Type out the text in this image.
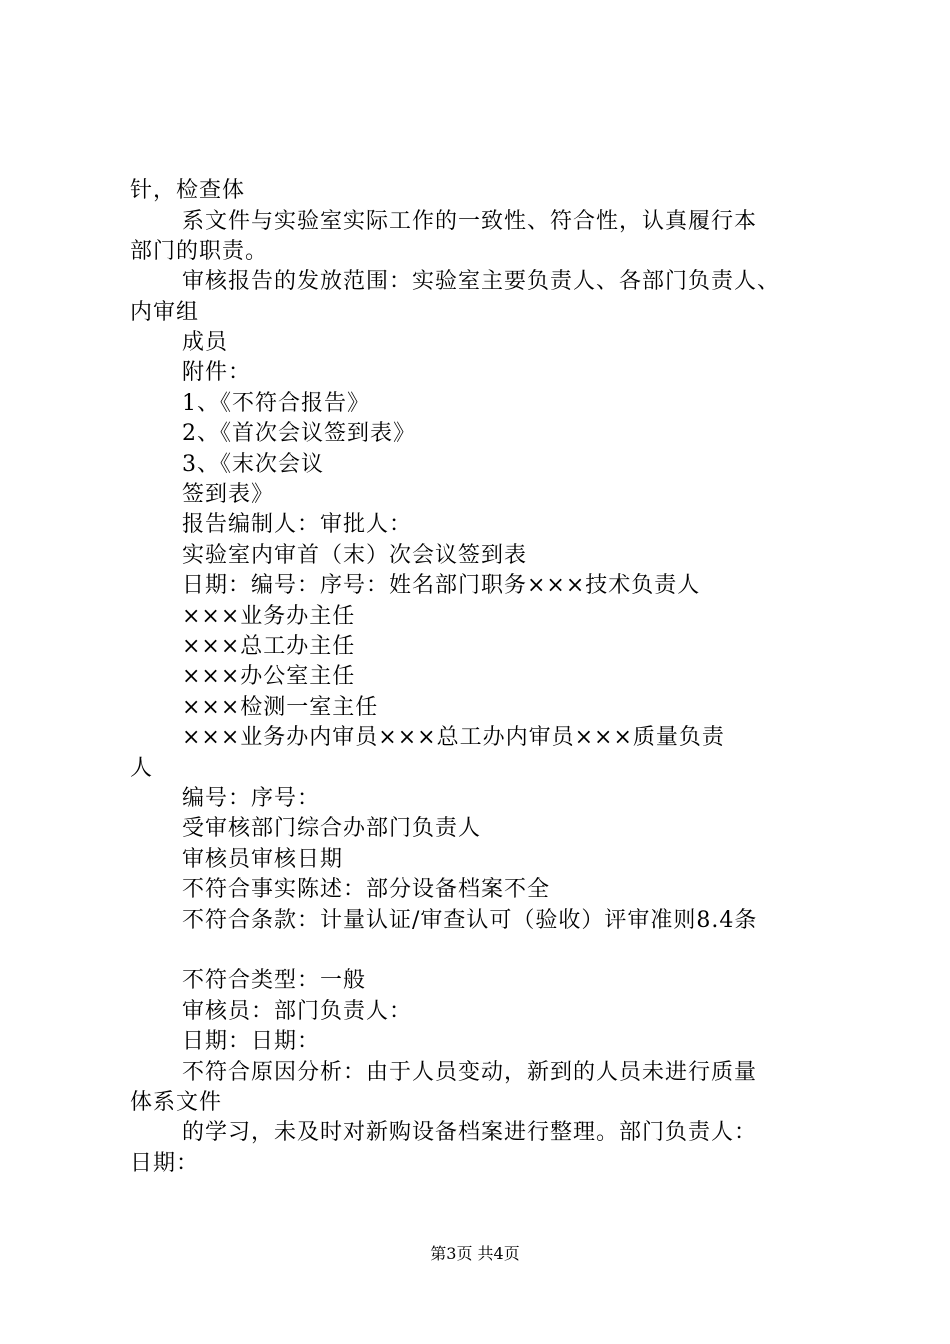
针，检查体
系文件与实验室实际工作的一致性、符合性，认真履行本
部门的职责。
审核报告的发放范围：实验室主要负责人、各部门负责人、
内审组
成员
附件：
1、《不符合报告》
2、《首次会议签到表》
3、《末次会议
签到表》
报告编制人：审批人：
实验室内审首（末）次会议签到表
日期：编号：序号：姓名部门职务×××技术负责人
×××业务办主任
×××总工办主任
×××办公室主任
×××检测一室主任
×××业务办内审员×××总工办内审员×××质量负责
人
编号：序号：
受审核部门综合办部门负责人
审核员审核日期
不符合事实陈述：部分设备档案不全
不符合条款：计量认证/审查认可（验收）评审准则8.4条
不符合类型：一般
审核员：部门负责人：
日期：日期：
不符合原因分析：由于人员变动，新到的人员未进行质量
体系文件
的学习，未及时对新购设备档案进行整理。部门负责人：
日期：
第3页 共4页
